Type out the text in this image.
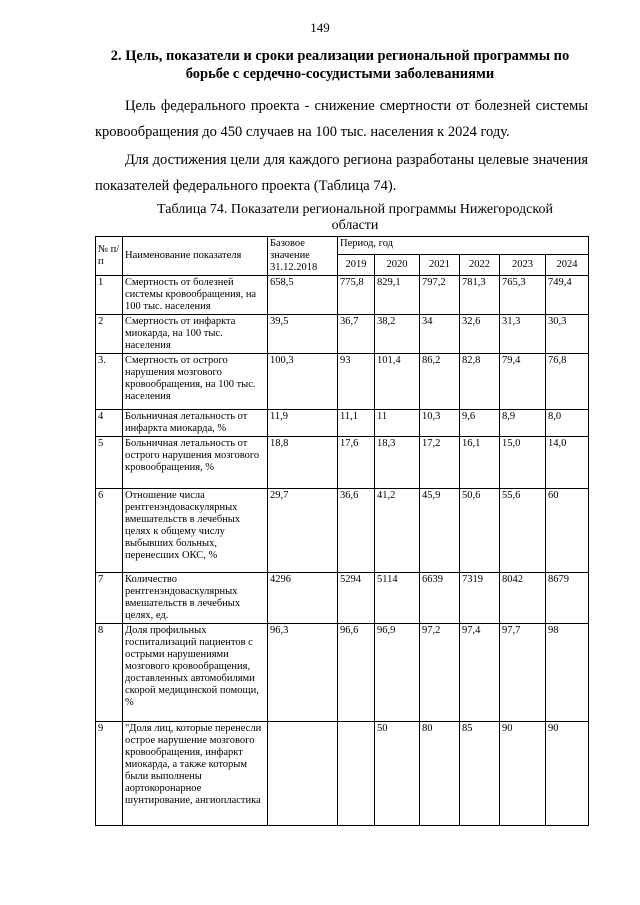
149
2. Цель, показатели и сроки реализации региональной программы по борьбе с сердечно-сосудистыми заболеваниями
Цель федерального проекта - снижение смертности от болезней системы кровообращения до 450 случаев на 100 тыс. населения к 2024 году.
Для достижения цели для каждого региона разработаны целевые значения показателей федерального проекта (Таблица 74).
Таблица 74. Показатели региональной программы Нижегородской области
№ п/п	Наименование показателя	Базовое значение 31.12.2018	Период, год					
			2019	2020	2021	2022	2023	2024
1	Смертность от болезней системы кровообращения, на 100 тыс. населения	658,5	775,8	829,1	797,2	781,3	765,3	749,4
2	Смертность от инфаркта миокарда, на 100 тыс. населения	39,5	36,7	38,2	34	32,6	31,3	30,3
3.	Смертность от острого нарушения мозгового кровообращения, на 100 тыс. населения	100,3	93	101,4	86,2	82,8	79,4	76,8
4	Больничная летальность от инфаркта миокарда, %	11,9	11,1	11	10,3	9,6	8,9	8,0
5	Больничная летальность от острого нарушения мозгового кровообращения, %	18,8	17,6	18,3	17,2	16,1	15,0	14,0
6	Отношение числа рентгенэндоваскулярных вмешательств в лечебных целях к общему числу выбывших больных, перенесших ОКС, %	29,7	36,6	41,2	45,9	50,6	55,6	60
7	Количество рентгенэндоваскулярных вмешательств в лечебных целях, ед.	4296	5294	5114	6639	7319	8042	8679
8	Доля профильных госпитализаций пациентов с острыми нарушениями мозгового кровообращения, доставленных автомобилями скорой медицинской помощи, %	96,3	96,6	96,9	97,2	97,4	97,7	98
9	"Доля лиц, которые перенесли острое нарушение мозгового кровообращения, инфаркт миокарда, а также которым были выполнены аортокоронарное шунтирование, ангиопластика			50	80	85	90	90
